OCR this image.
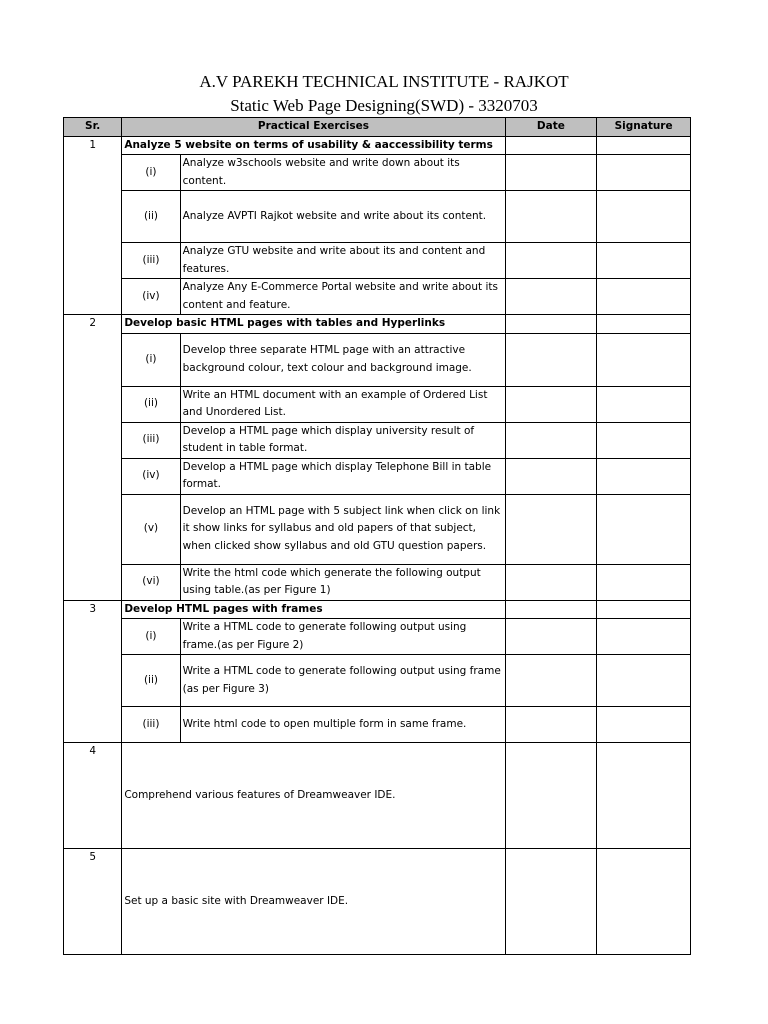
A.V PAREKH TECHNICAL INSTITUTE - RAJKOT
Static Web Page Designing(SWD) - 3320703
Sr.	Practical Exercises		Date	Signature
1	Analyze 5 website on terms of usability & aaccessibility terms			
	(i)	Analyze w3schools website and write down about its content.		
	(ii)	Analyze AVPTI Rajkot website and write about its content.		
	(iii)	Analyze GTU website and write about its and content and features.		
	(iv)	Analyze Any E-Commerce Portal website and write about its content and feature.		
2	Develop basic HTML pages with tables and Hyperlinks			
	(i)	Develop three separate HTML page with an attractive background colour, text colour and background image.		
	(ii)	Write an HTML document with an example of Ordered List and Unordered List.		
	(iii)	Develop a HTML page which display university result of student in table format.		
	(iv)	Develop a HTML page which display Telephone Bill in table format.		
	(v)	Develop an HTML page with 5 subject link when click on link it show links for syllabus and old papers of that subject, when clicked show syllabus and old GTU question papers.		
	(vi)	Write the html code which generate the following output using table.(as per Figure 1)		
3	Develop HTML pages with frames			
	(i)	Write a HTML code to generate following output using frame.(as per Figure 2)		
	(ii)	Write a HTML code to generate following output using frame
(as per Figure 3)		
	(iii)	Write html code to open multiple form in same frame.		
4	Comprehend various features of Dreamweaver IDE.			
5	Set up a basic site with Dreamweaver IDE.			
